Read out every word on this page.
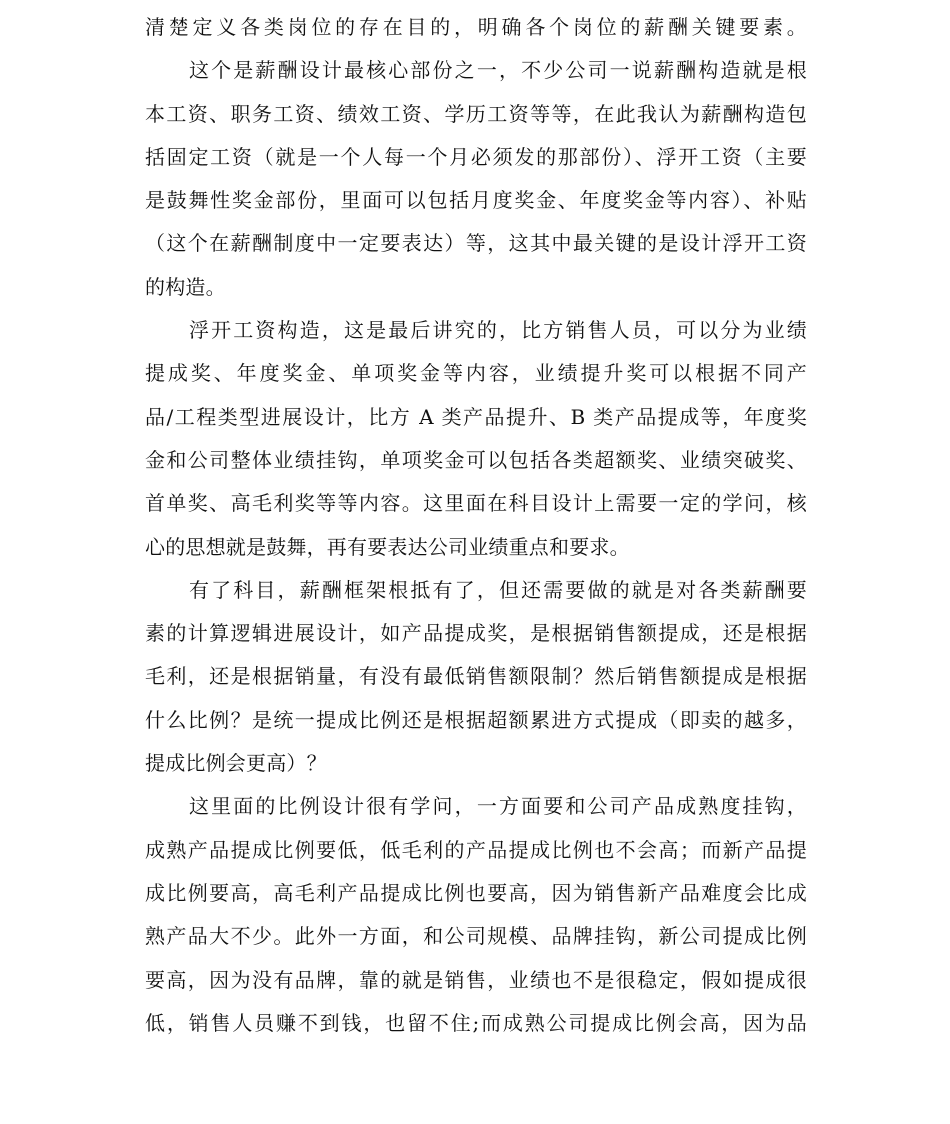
清楚定义各类岗位的存在目的，明确各个岗位的薪酬关键要素。
这个是薪酬设计最核心部份之一，不少公司一说薪酬构造就是根
本工资、职务工资、绩效工资、学历工资等等，在此我认为薪酬构造包
括固定工资（就是一个人每一个月必须发的那部份）、浮开工资（主要
是鼓舞性奖金部份，里面可以包括月度奖金、年度奖金等内容）、补贴
（这个在薪酬制度中一定要表达）等，这其中最关键的是设计浮开工资
的构造。
浮开工资构造，这是最后讲究的，比方销售人员，可以分为业绩
提成奖、年度奖金、单项奖金等内容，业绩提升奖可以根据不同产
品/工程类型进展设计，比方 A 类产品提升、B 类产品提成等，年度奖
金和公司整体业绩挂钩，单项奖金可以包括各类超额奖、业绩突破奖、
首单奖、高毛利奖等等内容。这里面在科目设计上需要一定的学问，核
心的思想就是鼓舞，再有要表达公司业绩重点和要求。
有了科目，薪酬框架根抵有了，但还需要做的就是对各类薪酬要
素的计算逻辑进展设计，如产品提成奖，是根据销售额提成，还是根据
毛利，还是根据销量，有没有最低销售额限制？然后销售额提成是根据
什么比例？是统一提成比例还是根据超额累进方式提成（即卖的越多，
提成比例会更高）？
这里面的比例设计很有学问，一方面要和公司产品成熟度挂钩，
成熟产品提成比例要低，低毛利的产品提成比例也不会高；而新产品提
成比例要高，高毛利产品提成比例也要高，因为销售新产品难度会比成
熟产品大不少。此外一方面，和公司规模、品牌挂钩，新公司提成比例
要高，因为没有品牌，靠的就是销售，业绩也不是很稳定，假如提成很
低，销售人员赚不到钱，也留不住;而成熟公司提成比例会高，因为品
